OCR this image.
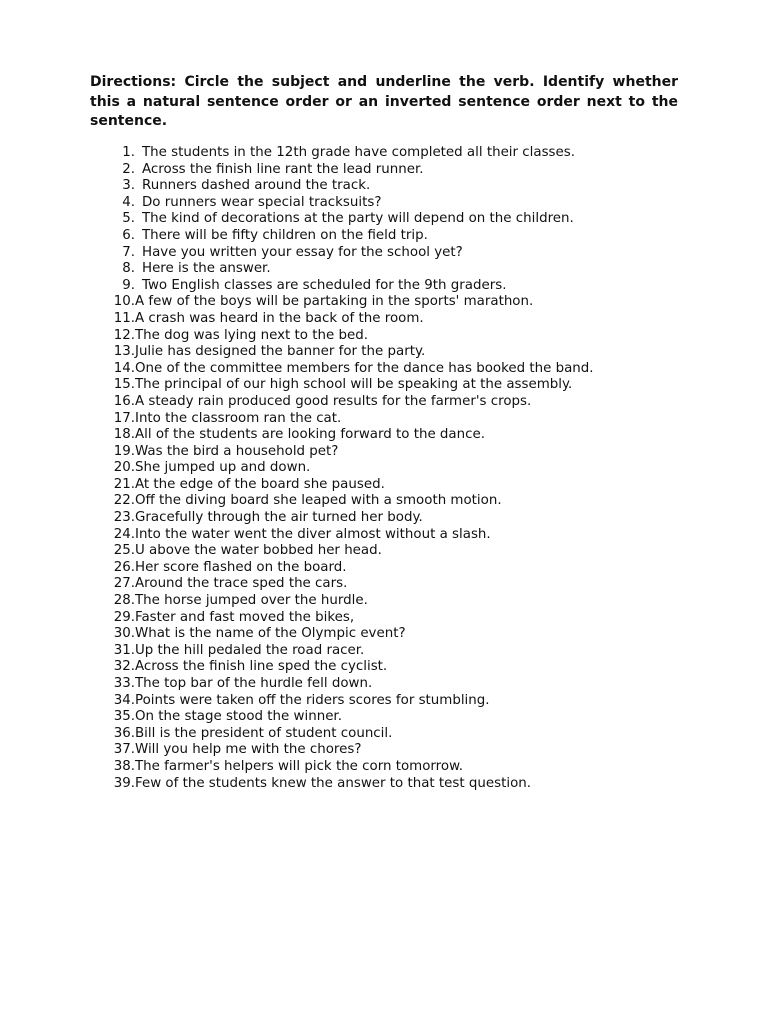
Directions: Circle the subject and underline the verb. Identify whether this a natural sentence order or an inverted sentence order next to the sentence.

1. The students in the 12th grade have completed all their classes.
2. Across the finish line rant the lead runner.
3. Runners dashed around the track.
4. Do runners wear special tracksuits?
5. The kind of decorations at the party will depend on the children.
6. There will be fifty children on the field trip.
7. Have you written your essay for the school yet?
8. Here is the answer.
9. Two English classes are scheduled for the 9th graders.
10. A few of the boys will be partaking in the sports' marathon.
11. A crash was heard in the back of the room.
12. The dog was lying next to the bed.
13. Julie has designed the banner for the party.
14. One of the committee members for the dance has booked the band.
15. The principal of our high school will be speaking at the assembly.
16. A steady rain produced good results for the farmer's crops.
17. Into the classroom ran the cat.
18. All of the students are looking forward to the dance.
19. Was the bird a household pet?
20. She jumped up and down.
21. At the edge of the board she paused.
22. Off the diving board she leaped with a smooth motion.
23. Gracefully through the air turned her body.
24. Into the water went the diver almost without a slash.
25. U above the water bobbed her head.
26. Her score flashed on the board.
27. Around the trace sped the cars.
28. The horse jumped over the hurdle.
29. Faster and fast moved the bikes,
30. What is the name of the Olympic event?
31. Up the hill pedaled the road racer.
32. Across the finish line sped the cyclist.
33. The top bar of the hurdle fell down.
34. Points were taken off the riders scores for stumbling.
35. On the stage stood the winner.
36. Bill is the president of student council.
37. Will you help me with the chores?
38. The farmer's helpers will pick the corn tomorrow.
39. Few of the students knew the answer to that test question.
